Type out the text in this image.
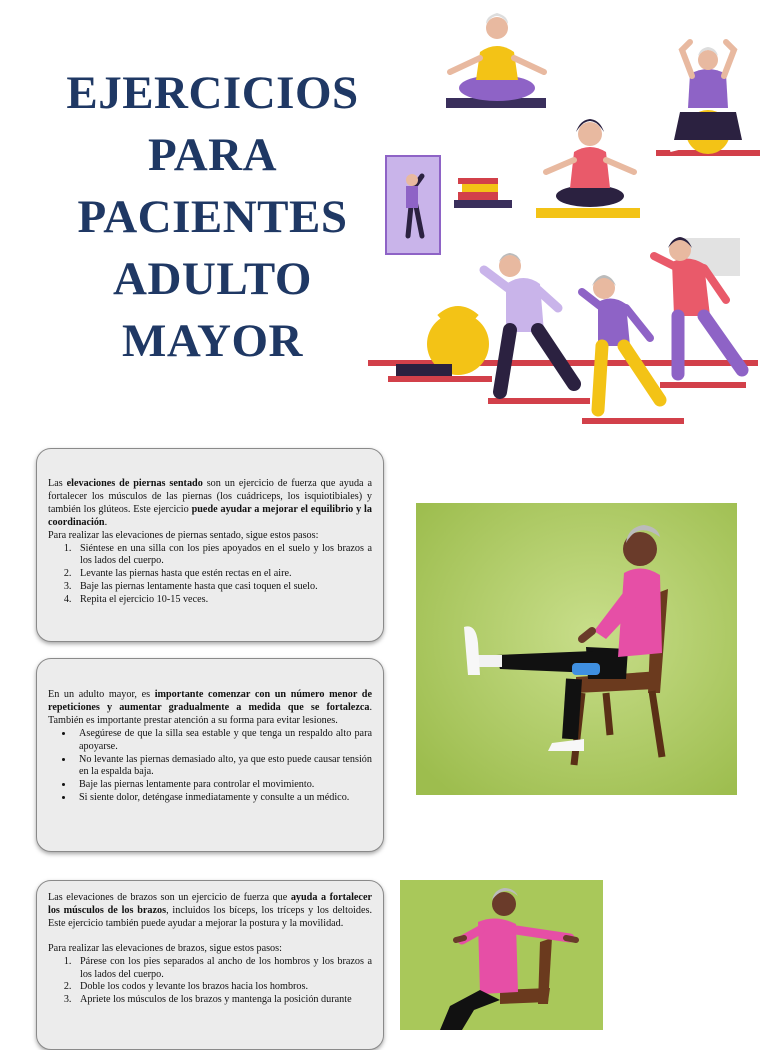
EJERCICIOS
PARA
PACIENTES
ADULTO
MAYOR

Las elevaciones de piernas sentado son un ejercicio de fuerza que ayuda a fortalecer los músculos de las piernas (los cuádriceps, los isquiotibiales) y también los glúteos. Este ejercicio puede ayudar a mejorar el equilibrio y la coordinación.

Para realizar las elevaciones de piernas sentado, sigue estos pasos:

1. Siéntese en una silla con los pies apoyados en el suelo y los brazos a los lados del cuerpo.
2. Levante las piernas hasta que estén rectas en el aire.
3. Baje las piernas lentamente hasta que casi toquen el suelo.
4. Repita el ejercicio 10-15 veces.

En un adulto mayor, es importante comenzar con un número menor de repeticiones y aumentar gradualmente a medida que se fortalezca. También es importante prestar atención a su forma para evitar lesiones.

• Asegúrese de que la silla sea estable y que tenga un respaldo alto para apoyarse.
• No levante las piernas demasiado alto, ya que esto puede causar tensión en la espalda baja.
• Baje las piernas lentamente para controlar el movimiento.
• Si siente dolor, deténgase inmediatamente y consulte a un médico.

Las elevaciones de brazos son un ejercicio de fuerza que ayuda a fortalecer los músculos de los brazos, incluidos los bíceps, los tríceps y los deltoides. Este ejercicio también puede ayudar a mejorar la postura y la movilidad.

Para realizar las elevaciones de brazos, sigue estos pasos:

1. Párese con los pies separados al ancho de los hombros y los brazos a los lados del cuerpo.
2. Doble los codos y levante los brazos hacia los hombros.
3. Apriete los músculos de los brazos y mantenga la posición durante
